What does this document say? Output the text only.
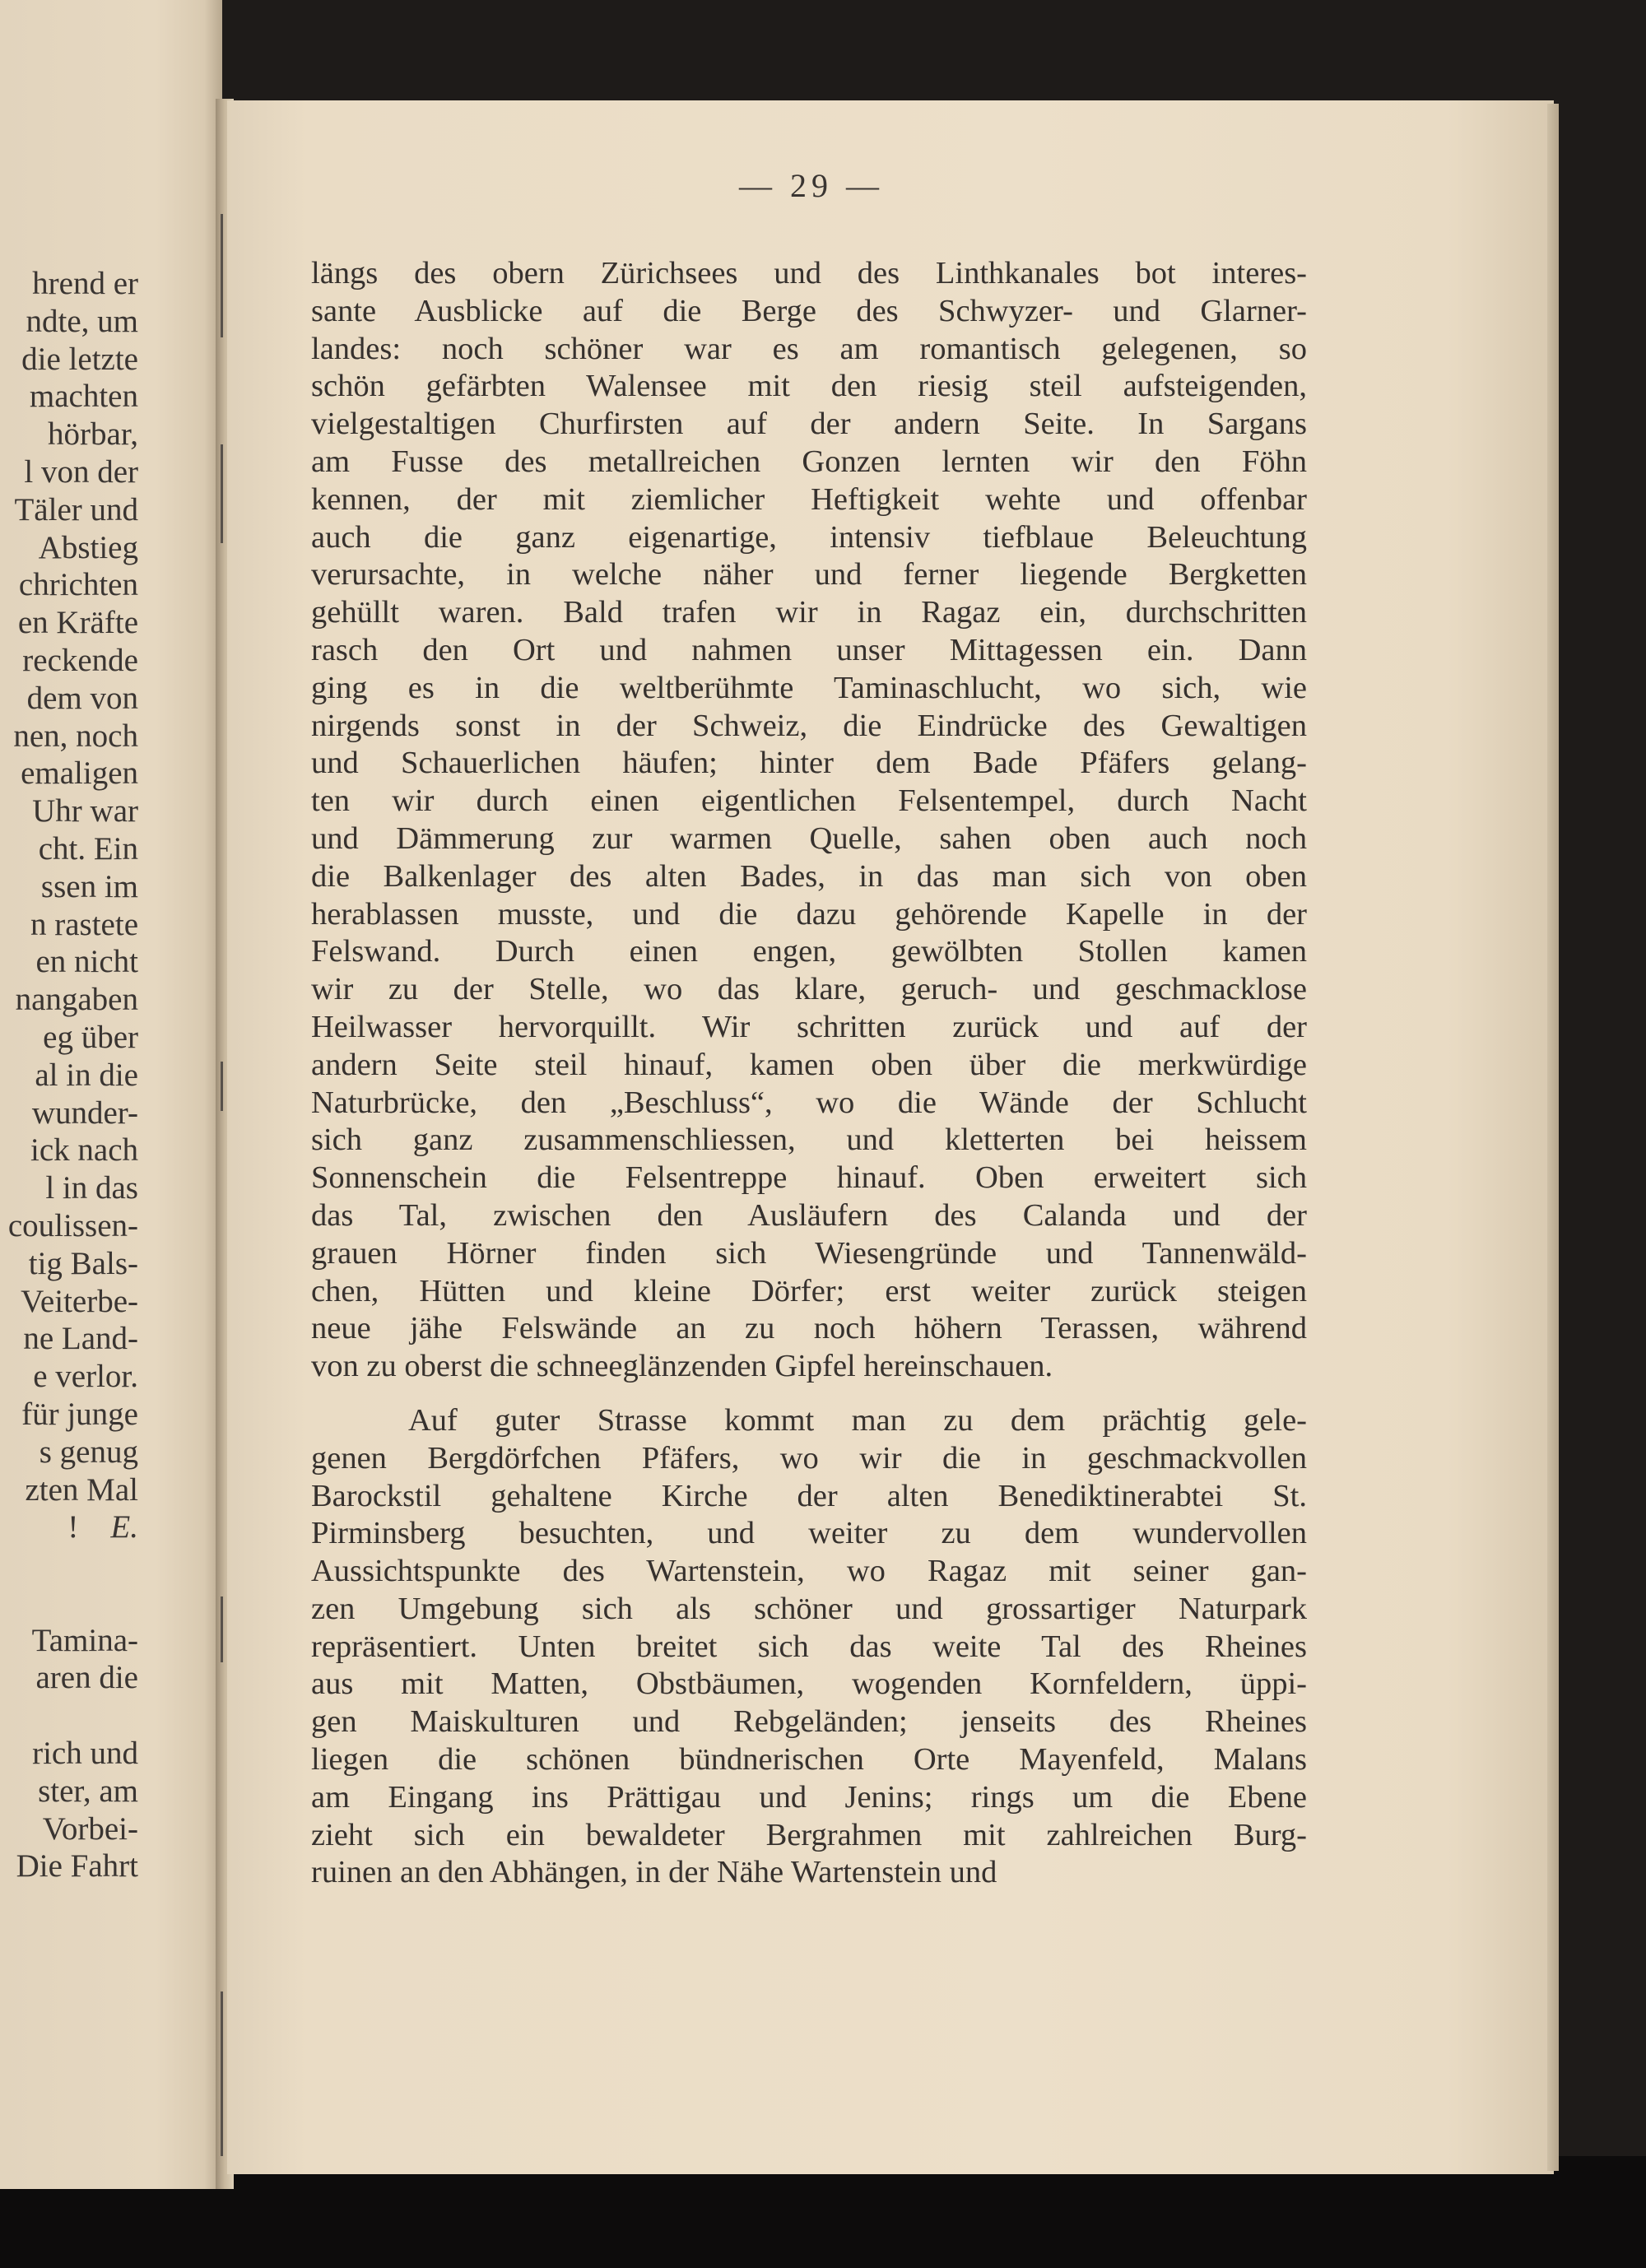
hrend er
ndte, um
die letzte
machten
hörbar,
l von der
Täler und
Abstieg
chrichten
en Kräfte
reckende
dem von
nen, noch
emaligen
Uhr war
cht. Ein
ssen im
n rastete
en nicht
nangaben
eg über
al in die
wunder-
ick nach
l in das
coulissen-
tig Bals-
Veiterbe-
ne Land-
e verlor.
für junge
s genug
zten Mal
! E.
Tamina-
aren die
rich und
ster, am
Vorbei-
Die Fahrt
— 29 —
längs des obern Zürichsees und des Linthkanales bot interes-
sante Ausblicke auf die Berge des Schwyzer- und Glarner-
landes: noch schöner war es am romantisch gelegenen, so
schön gefärbten Walensee mit den riesig steil aufsteigenden,
vielgestaltigen Churfirsten auf der andern Seite. In Sargans
am Fusse des metallreichen Gonzen lernten wir den Föhn
kennen, der mit ziemlicher Heftigkeit wehte und offenbar
auch die ganz eigenartige, intensiv tiefblaue Beleuchtung
verursachte, in welche näher und ferner liegende Bergketten
gehüllt waren. Bald trafen wir in Ragaz ein, durchschritten
rasch den Ort und nahmen unser Mittagessen ein. Dann
ging es in die weltberühmte Taminaschlucht, wo sich, wie
nirgends sonst in der Schweiz, die Eindrücke des Gewaltigen
und Schauerlichen häufen; hinter dem Bade Pfäfers gelang-
ten wir durch einen eigentlichen Felsentempel, durch Nacht
und Dämmerung zur warmen Quelle, sahen oben auch noch
die Balkenlager des alten Bades, in das man sich von oben
herablassen musste, und die dazu gehörende Kapelle in der
Felswand. Durch einen engen, gewölbten Stollen kamen
wir zu der Stelle, wo das klare, geruch- und geschmacklose
Heilwasser hervorquillt. Wir schritten zurück und auf der
andern Seite steil hinauf, kamen oben über die merkwürdige
Naturbrücke, den „Beschluss“, wo die Wände der Schlucht
sich ganz zusammenschliessen, und kletterten bei heissem
Sonnenschein die Felsentreppe hinauf. Oben erweitert sich
das Tal, zwischen den Ausläufern des Calanda und der
grauen Hörner finden sich Wiesengründe und Tannenwäld-
chen, Hütten und kleine Dörfer; erst weiter zurück steigen
neue jähe Felswände an zu noch höhern Terassen, während
von zu oberst die schneeglänzenden Gipfel hereinschauen.
Auf guter Strasse kommt man zu dem prächtig gele-
genen Bergdörfchen Pfäfers, wo wir die in geschmackvollen
Barockstil gehaltene Kirche der alten Benediktinerabtei St.
Pirminsberg besuchten, und weiter zu dem wundervollen
Aussichtspunkte des Wartenstein, wo Ragaz mit seiner gan-
zen Umgebung sich als schöner und grossartiger Naturpark
repräsentiert. Unten breitet sich das weite Tal des Rheines
aus mit Matten, Obstbäumen, wogenden Kornfeldern, üppi-
gen Maiskulturen und Rebgeländen; jenseits des Rheines
liegen die schönen bündnerischen Orte Mayenfeld, Malans
am Eingang ins Prättigau und Jenins; rings um die Ebene
zieht sich ein bewaldeter Bergrahmen mit zahlreichen Burg-
ruinen an den Abhängen, in der Nähe Wartenstein und
